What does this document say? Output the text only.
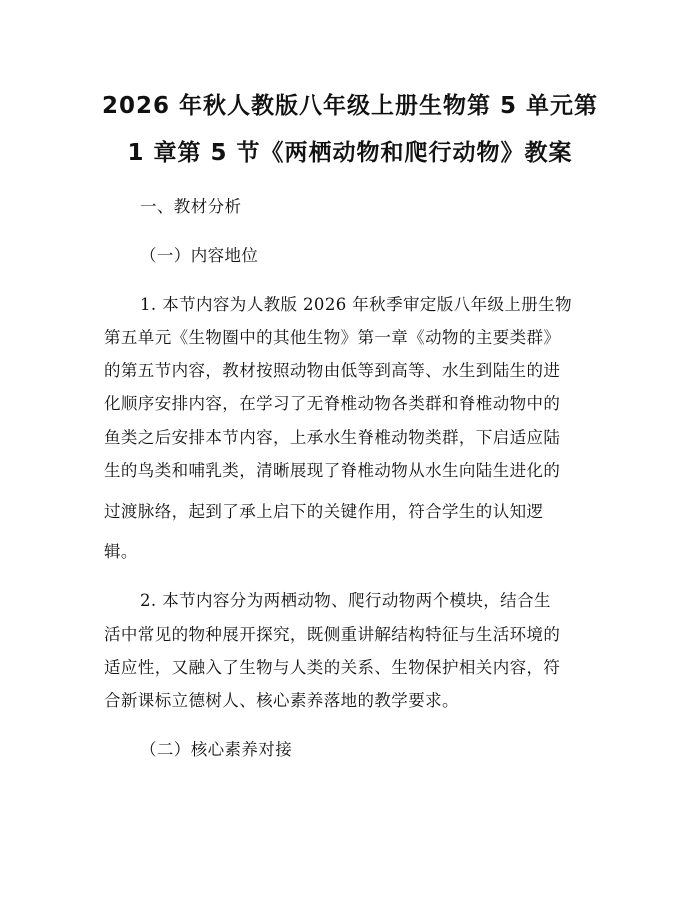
2026 年秋人教版八年级上册生物第 5 单元第
1 章第 5 节《两栖动物和爬行动物》教案
一、教材分析
（一）内容地位
1. 本节内容为人教版 2026 年秋季审定版八年级上册生物
第五单元《生物圈中的其他生物》第一章《动物的主要类群》
的第五节内容，教材按照动物由低等到高等、水生到陆生的进
化顺序安排内容，在学习了无脊椎动物各类群和脊椎动物中的
鱼类之后安排本节内容，上承水生脊椎动物类群，下启适应陆
生的鸟类和哺乳类，清晰展现了脊椎动物从水生向陆生进化的
过渡脉络，起到了承上启下的关键作用，符合学生的认知逻
辑。
2. 本节内容分为两栖动物、爬行动物两个模块，结合生
活中常见的物种展开探究，既侧重讲解结构特征与生活环境的
适应性，又融入了生物与人类的关系、生物保护相关内容，符
合新课标立德树人、核心素养落地的教学要求。
（二）核心素养对接
